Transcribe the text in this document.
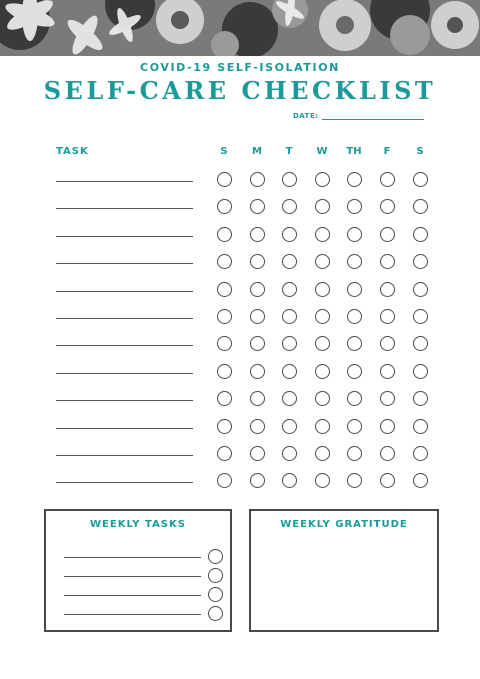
COVID-19 SELF-ISOLATION
SELF-CARE CHECKLIST
DATE:
TASK	S	M	T	W	TH	F	S
WEEKLY TASKS	WEEKLY GRATITUDE
